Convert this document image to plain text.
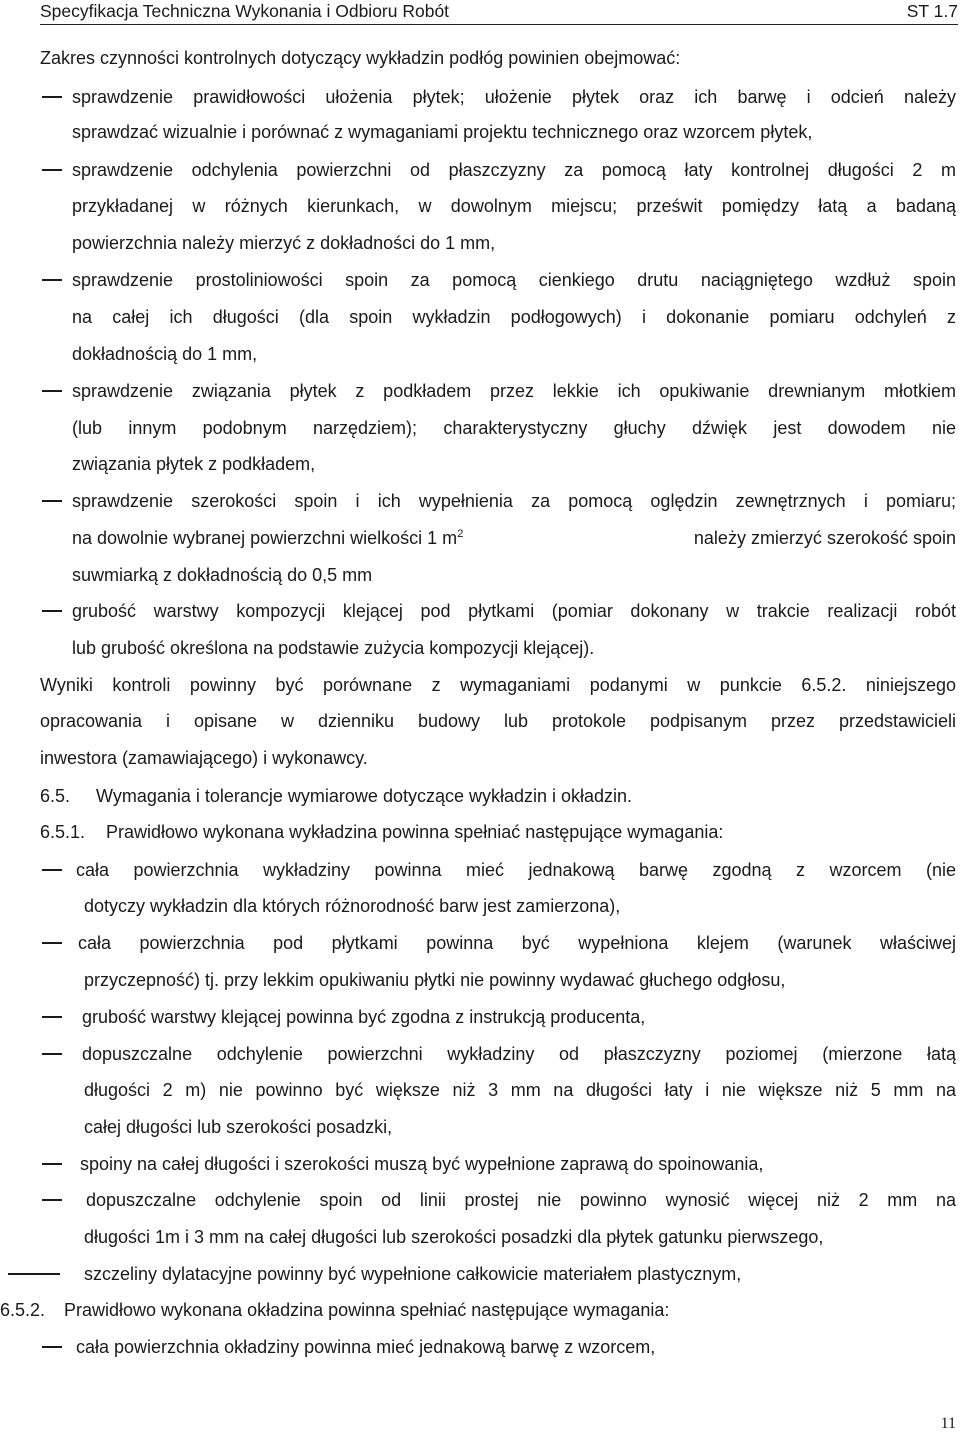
Specyfikacja Techniczna Wykonania i Odbioru Robót	ST 1.7
Zakres czynności kontrolnych dotyczący wykładzin podłóg powinien obejmować:
sprawdzenie prawidłowości ułożenia płytek; ułożenie płytek oraz ich barwę i odcień należy
sprawdzać wizualnie i porównać z wymaganiami projektu technicznego oraz wzorcem płytek,
sprawdzenie odchylenia powierzchni od płaszczyzny za pomocą łaty kontrolnej długości 2 m
przykładanej w różnych kierunkach, w dowolnym miejscu; prześwit pomiędzy łatą a badaną
powierzchnia należy mierzyć z dokładności do 1 mm,
sprawdzenie prostoliniowości spoin za pomocą cienkiego drutu naciągniętego wzdłuż spoin
na całej ich długości (dla spoin wykładzin podłogowych) i dokonanie pomiaru odchyleń z
dokładnością do 1 mm,
sprawdzenie związania płytek z podkładem przez lekkie ich opukiwanie drewnianym młotkiem
(lub innym podobnym narzędziem); charakterystyczny głuchy dźwięk jest dowodem nie
związania płytek z podkładem,
sprawdzenie szerokości spoin i ich wypełnienia za pomocą oględzin zewnętrznych i pomiaru;
na dowolnie wybranej powierzchni wielkości 1 $m^2$	należy zmierzyć szerokość spoin
suwmiarką z dokładnością do 0,5 mm
grubość warstwy kompozycji klejącej pod płytkami (pomiar dokonany w trakcie realizacji robót
lub grubość określona na podstawie zużycia kompozycji klejącej).
Wyniki kontroli powinny być porównane z wymaganiami podanymi w punkcie 6.5.2. niniejszego
opracowania i opisane w dzienniku budowy lub protokole podpisanym przez przedstawicieli
inwestora (zamawiającego) i wykonawcy.
6.5. Wymagania i tolerancje wymiarowe dotyczące wykładzin i okładzin.
6.5.1. Prawidłowo wykonana wykładzina powinna spełniać następujące wymagania:
cała powierzchnia wykładziny powinna mieć jednakową barwę zgodną z wzorcem (nie
dotyczy wykładzin dla których różnorodność barw jest zamierzona),
cała powierzchnia pod płytkami powinna być wypełniona klejem (warunek właściwej
przyczepność) tj. przy lekkim opukiwaniu płytki nie powinny wydawać głuchego odgłosu,
grubość warstwy klejącej powinna być zgodna z instrukcją producenta,
dopuszczalne odchylenie powierzchni wykładziny od płaszczyzny poziomej (mierzone łatą
długości 2 m) nie powinno być większe niż 3 mm na długości łaty i nie większe niż 5 mm na
całej długości lub szerokości posadzki,
spoiny na całej długości i szerokości muszą być wypełnione zaprawą do spoinowania,
dopuszczalne odchylenie spoin od linii prostej nie powinno wynosić więcej niż 2 mm na
długości 1m i 3 mm na całej długości lub szerokości posadzki dla płytek gatunku pierwszego,
szczeliny dylatacyjne powinny być wypełnione całkowicie materiałem plastycznym,
6.5.2. Prawidłowo wykonana okładzina powinna spełniać następujące wymagania:
cała powierzchnia okładziny powinna mieć jednakową barwę z wzorcem,
11
